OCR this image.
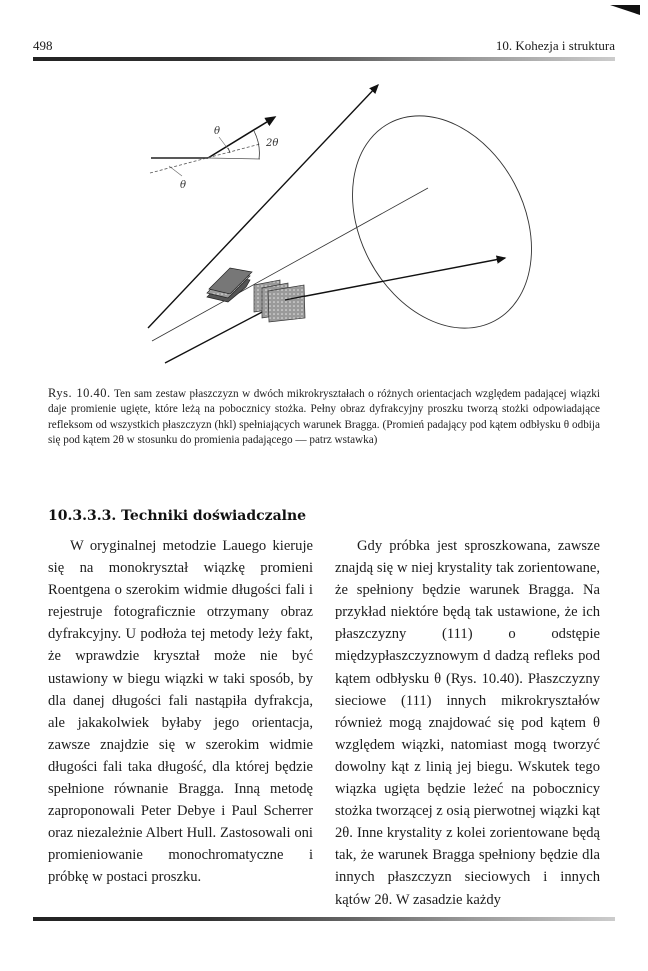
498	10. Kohezja i struktura
θ
2θ
θ
Rys. 10.40. Ten sam zestaw płaszczyzn w dwóch mikrokryształach o różnych orientacjach względem padającej wiązki daje promienie ugięte, które leżą na pobocznicy stożka. Pełny obraz dyfrakcyjny proszku tworzą stożki odpowiadające refleksom od wszystkich płaszczyzn (hkl) spełniających warunek Bragga. (Promień padający pod kątem odbłysku θ odbija się pod kątem 2θ w stosunku do promienia padającego — patrz wstawka)
10.3.3.3. Techniki doświadczalne

W oryginalnej metodzie Lauego kieruje się na monokryształ wiązkę promieni Roentgena o szerokim widmie długości fali i rejestruje fotograficznie otrzymany obraz dyfrakcyjny. U podłoża tej metody leży fakt, że wprawdzie kryształ może nie być ustawiony w biegu wiązki w taki sposób, by dla danej długości fali nastąpiła dyfrakcja, ale jakakolwiek byłaby jego orientacja, zawsze znajdzie się w szerokim widmie długości fali taka długość, dla której będzie spełnione równanie Bragga. Inną metodę zaproponowali Peter Debye i Paul Scherrer oraz niezależnie Albert Hull. Zastosowali oni promieniowanie monochromatyczne i próbkę w postaci proszku.

Gdy próbka jest sproszkowana, zawsze znajdą się w niej krystality tak zorientowane, że spełniony będzie warunek Bragga. Na przykład niektóre będą tak ustawione, że ich płaszczyzny (111) o odstępie międzypłaszczyznowym d dadzą refleks pod kątem odbłysku θ (Rys. 10.40). Płaszczyzny sieciowe (111) innych mikrokryształów również mogą znajdować się pod kątem θ względem wiązki, natomiast mogą tworzyć dowolny kąt z linią jej biegu. Wskutek tego wiązka ugięta będzie leżeć na pobocznicy stożka tworzącej z osią pierwotnej wiązki kąt 2θ. Inne krystality z kolei zorientowane będą tak, że warunek Bragga spełniony będzie dla innych płaszczyzn sieciowych i innych kątów 2θ. W zasadzie każdy
